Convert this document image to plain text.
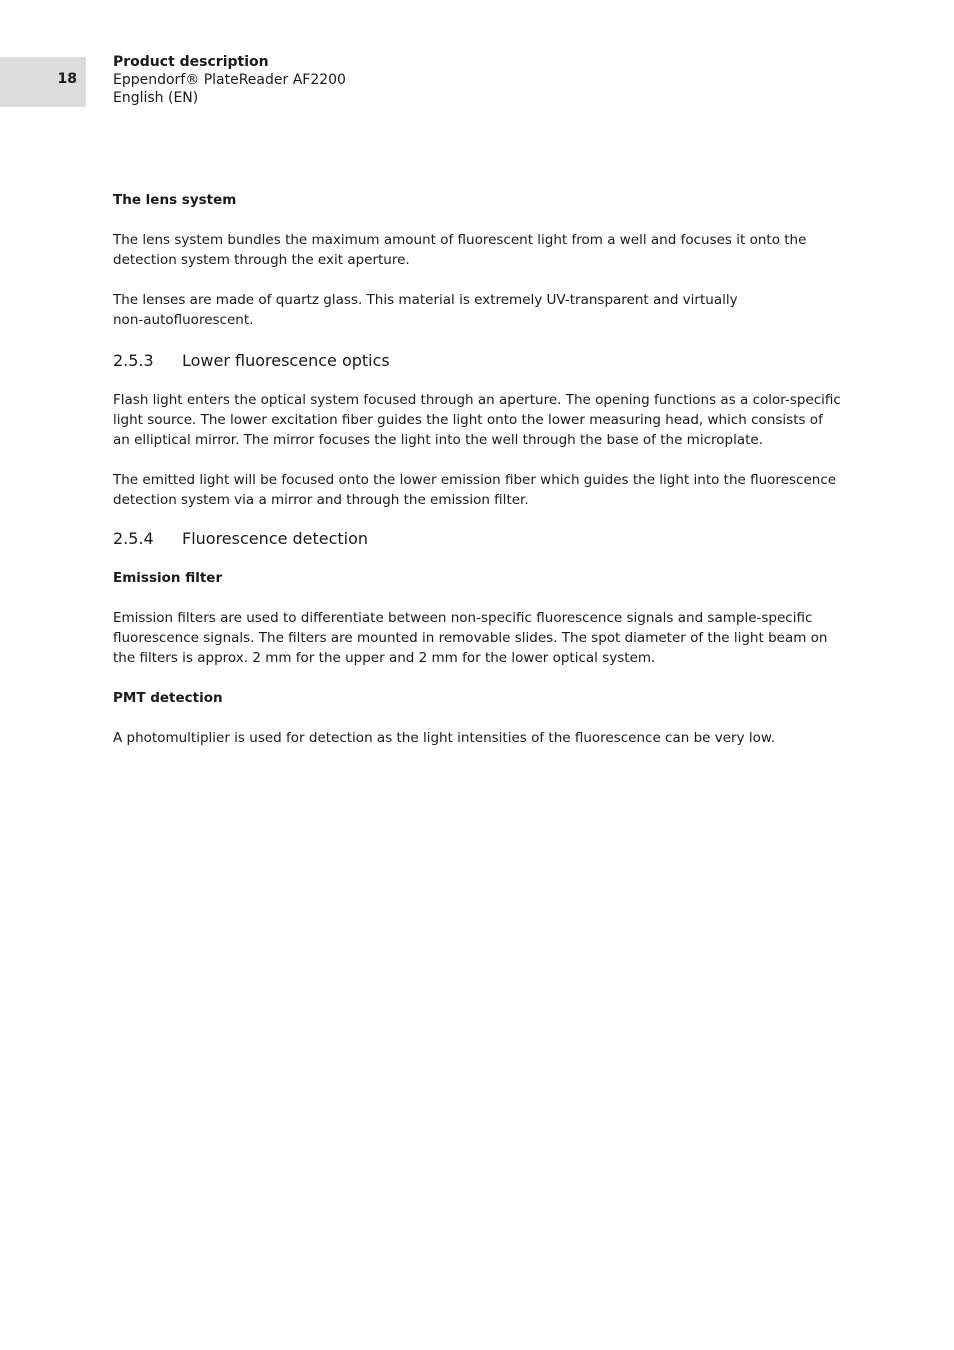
18
Product description
Eppendorf® PlateReader AF2200
English (EN)
The lens system

The lens system bundles the maximum amount of fluorescent light from a well and focuses it onto the detection system through the exit aperture.

The lenses are made of quartz glass. This material is extremely UV-transparent and virtually
non-autofluorescent.

2.5.3	Lower fluorescence optics

Flash light enters the optical system focused through an aperture. The opening functions as a color-specific light source. The lower excitation fiber guides the light onto the lower measuring head, which consists of an elliptical mirror. The mirror focuses the light into the well through the base of the microplate.

The emitted light will be focused onto the lower emission fiber which guides the light into the fluorescence detection system via a mirror and through the emission filter.

2.5.4	Fluorescence detection
Emission filter

Emission filters are used to differentiate between non-specific fluorescence signals and sample-specific fluorescence signals. The filters are mounted in removable slides. The spot diameter of the light beam on the filters is approx. 2 mm for the upper and 2 mm for the lower optical system.

PMT detection

A photomultiplier is used for detection as the light intensities of the fluorescence can be very low.
